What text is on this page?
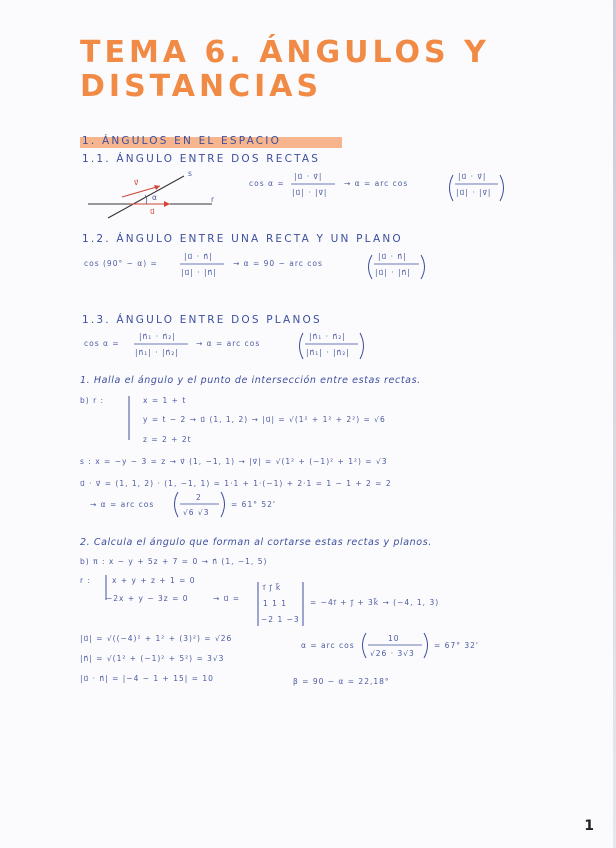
TEMA 6. ÁNGULOS Y
DISTANCIAS
1. ÁNGULOS EN EL ESPACIO
1.1. ÁNGULO ENTRE DOS RECTAS
s
r
v⃗
u⃗
α
cos α =
|u⃗ · v⃗|
|u⃗| · |v⃗|
→ α = arc cos
|u⃗ · v⃗|
|u⃗| · |v⃗|
1.2. ÁNGULO ENTRE UNA RECTA Y UN PLANO
cos (90° − α) =
|u⃗ · n⃗|
|u⃗| · |n⃗|
→ α = 90 − arc cos
|u⃗ · n⃗|
|u⃗| · |n⃗|
1.3. ÁNGULO ENTRE DOS PLANOS
cos α =
|n⃗₁ · n⃗₂|
|n⃗₁| · |n⃗₂|
→ α = arc cos
|n⃗₁ · n⃗₂|
|n⃗₁| · |n⃗₂|
1. Halla el ángulo y el punto de intersección entre estas rectas.
b) r :	x = 1 + t
y = t − 2 → u⃗ (1, 1, 2) → |u⃗| = √(1² + 1² + 2²) = √6
z = 2 + 2t
s : x = −y − 3 = z → v⃗ (1, −1, 1) → |v⃗| = √(1² + (−1)² + 1²) = √3
u⃗ · v⃗ = (1, 1, 2) · (1, −1, 1) = 1·1 + 1·(−1) + 2·1 = 1 − 1 + 2 = 2
→ α = arc cos
2
√6 √3
= 61° 52'
2. Calcula el ángulo que forman al cortarse estas rectas y planos.
b) π : x − y + 5z + 7 = 0 → n⃗ (1, −1, 5)
r :	x + y + z + 1 = 0
−2x + y − 3z = 0	→ u⃗ =
i⃗ j⃗ k⃗
1 1 1
−2 1 −3
= −4i⃗ + j⃗ + 3k⃗ → (−4, 1, 3)
|u⃗| = √((−4)² + 1² + (3)²) = √26
|n⃗| = √(1² + (−1)² + 5²) = 3√3
|u⃗ · n⃗| = |−4 − 1 + 15| = 10
α = arc cos
10
√26 · 3√3
= 67° 32'
β = 90 − α = 22,18°
1
